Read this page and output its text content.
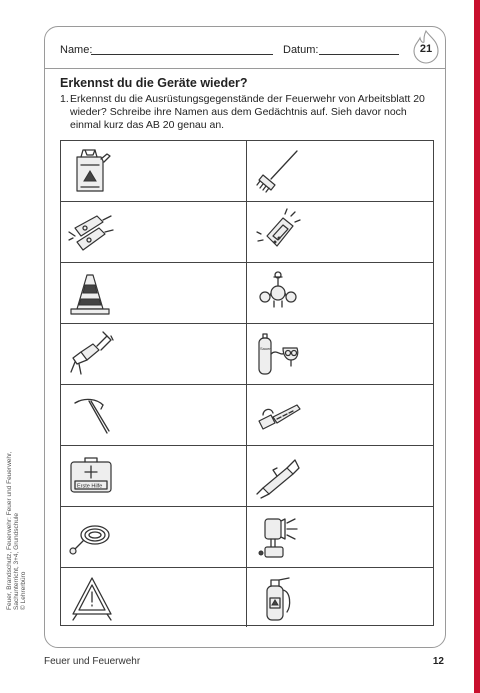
Name:	Datum:	21
Erkennst du die Geräte wieder?
1. Erkennst du die Ausrüstungsgegenstände der Feuerwehr von Arbeitsblatt 20 wieder? Schreibe ihre Namen aus dem Gedächtnis auf. Sieh davor noch einmal kurz das AB 20 genau an.
Sauer
Erste Hilfe
Feuer, Brandschutz, Feuerwehr: Feuer und Feuerwehr, Sachunterricht, 3+4, Grundschule © Lehrerbüro
Feuer und Feuerwehr	12
